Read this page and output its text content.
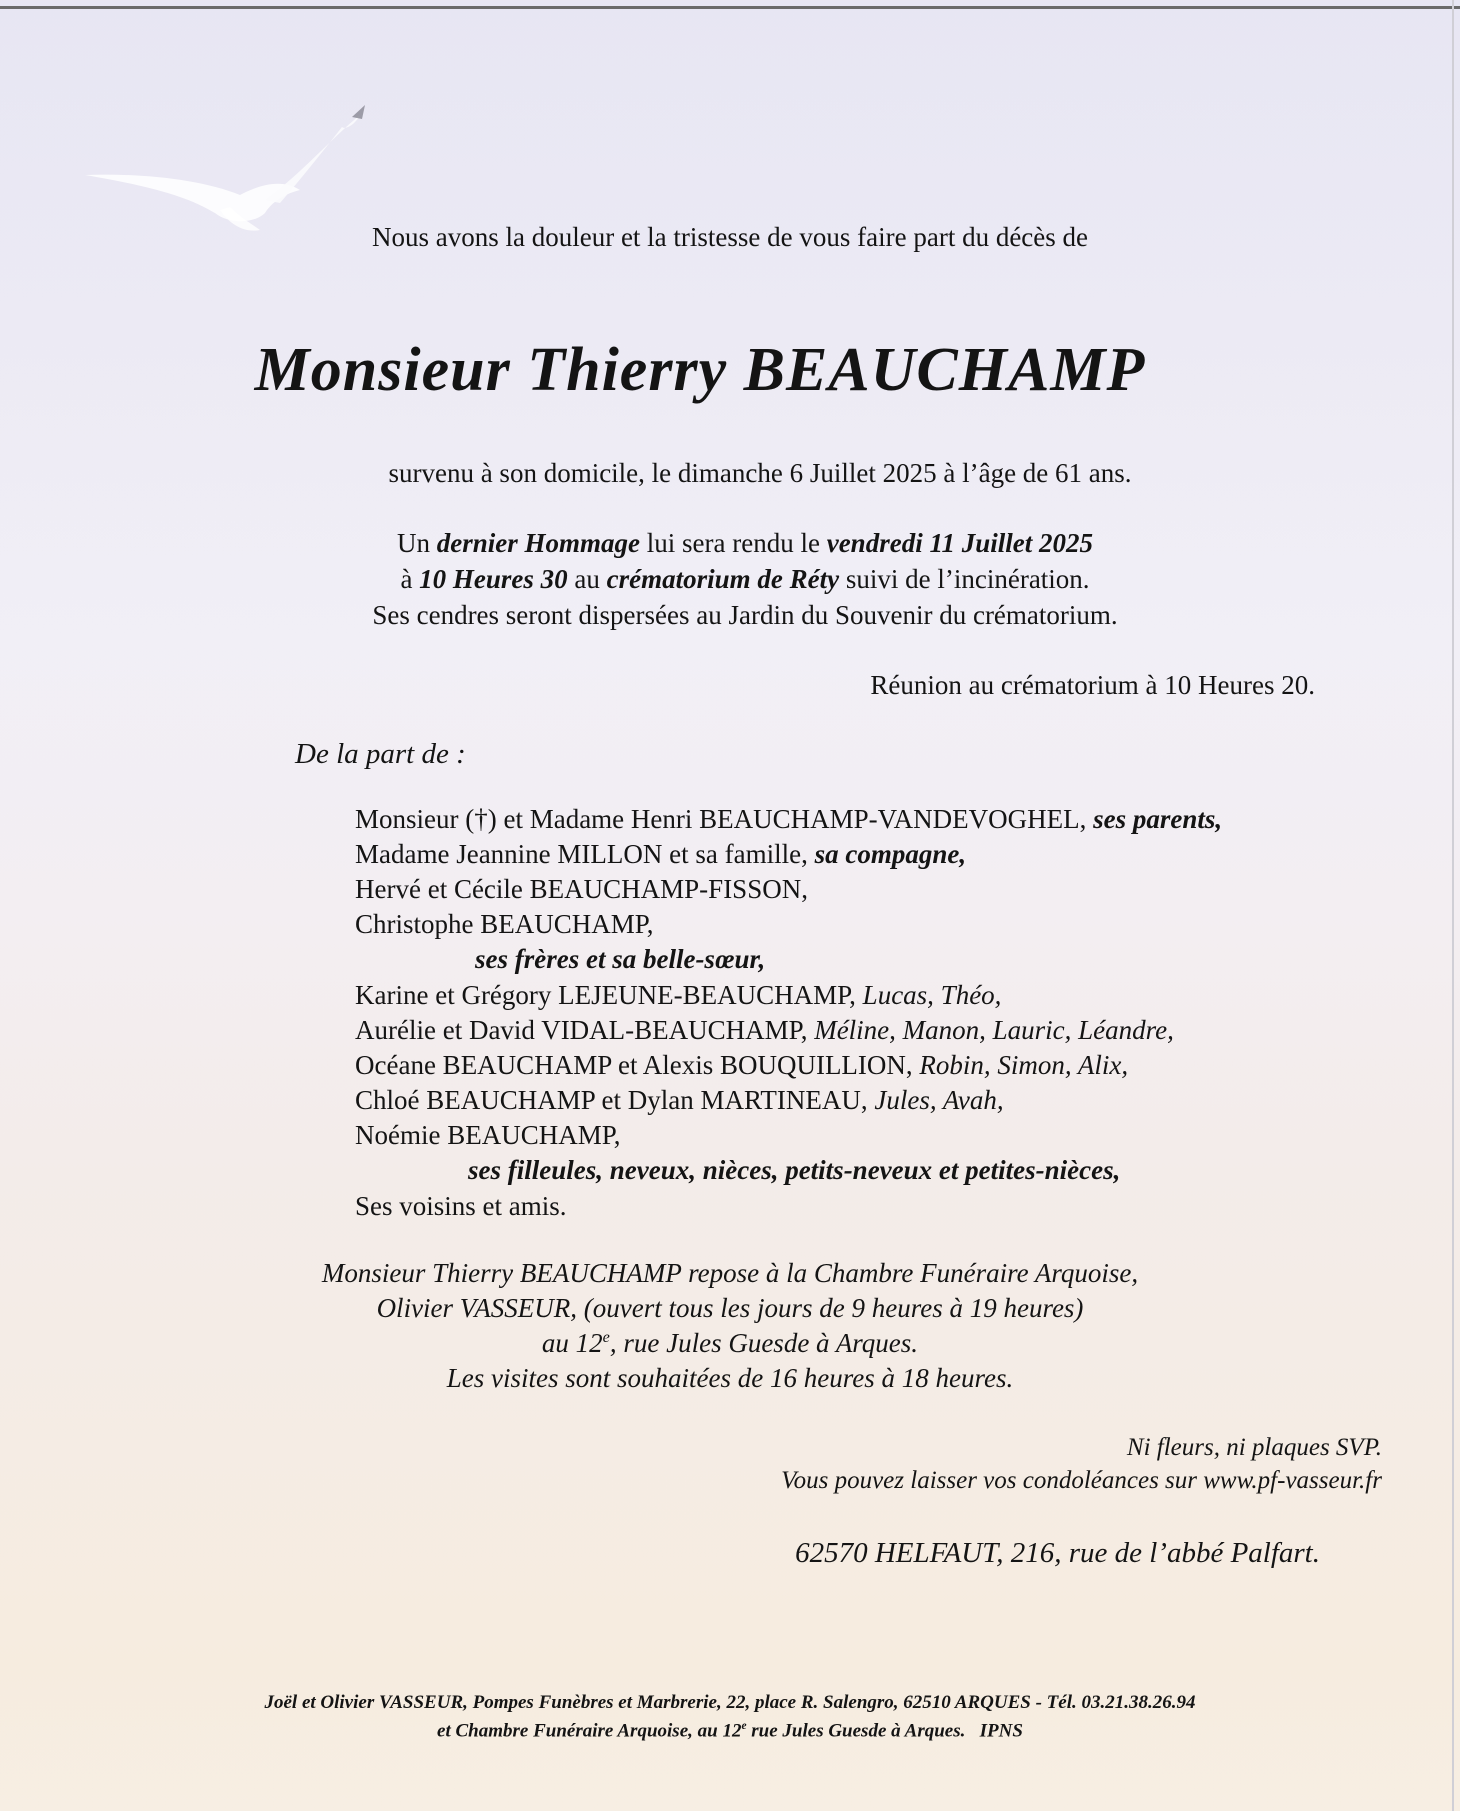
Nous avons la douleur et la tristesse de vous faire part du décès de
Monsieur Thierry BEAUCHAMP
survenu à son domicile, le dimanche 6 Juillet 2025 à l’âge de 61 ans.
Un dernier Hommage lui sera rendu le vendredi 11 Juillet 2025
à 10 Heures 30 au crématorium de Réty suivi de l’incinération.
Ses cendres seront dispersées au Jardin du Souvenir du crématorium.
Réunion au crématorium à 10 Heures 20.
De la part de :
Monsieur (†) et Madame Henri BEAUCHAMP-VANDEVOGHEL, ses parents,
Madame Jeannine MILLON et sa famille, sa compagne,
Hervé et Cécile BEAUCHAMP-FISSON,
Christophe BEAUCHAMP,
ses frères et sa belle-sœur,
Karine et Grégory LEJEUNE-BEAUCHAMP, Lucas, Théo,
Aurélie et David VIDAL-BEAUCHAMP, Méline, Manon, Lauric, Léandre,
Océane BEAUCHAMP et Alexis BOUQUILLION, Robin, Simon, Alix,
Chloé BEAUCHAMP et Dylan MARTINEAU, Jules, Avah,
Noémie BEAUCHAMP,
ses filleules, neveux, nièces, petits-neveux et petites-nièces,
Ses voisins et amis.
Monsieur Thierry BEAUCHAMP repose à la Chambre Funéraire Arquoise,
Olivier VASSEUR, (ouvert tous les jours de 9 heures à 19 heures)
au 12e, rue Jules Guesde à Arques.
Les visites sont souhaitées de 16 heures à 18 heures.
Ni fleurs, ni plaques SVP.
Vous pouvez laisser vos condoléances sur www.pf-vasseur.fr
62570 HELFAUT, 216, rue de l’abbé Palfart.
Joël et Olivier VASSEUR, Pompes Funèbres et Marbrerie, 22, place R. Salengro, 62510 ARQUES - Tél. 03.21.38.26.94
et Chambre Funéraire Arquoise, au 12e rue Jules Guesde à Arques.   IPNS
